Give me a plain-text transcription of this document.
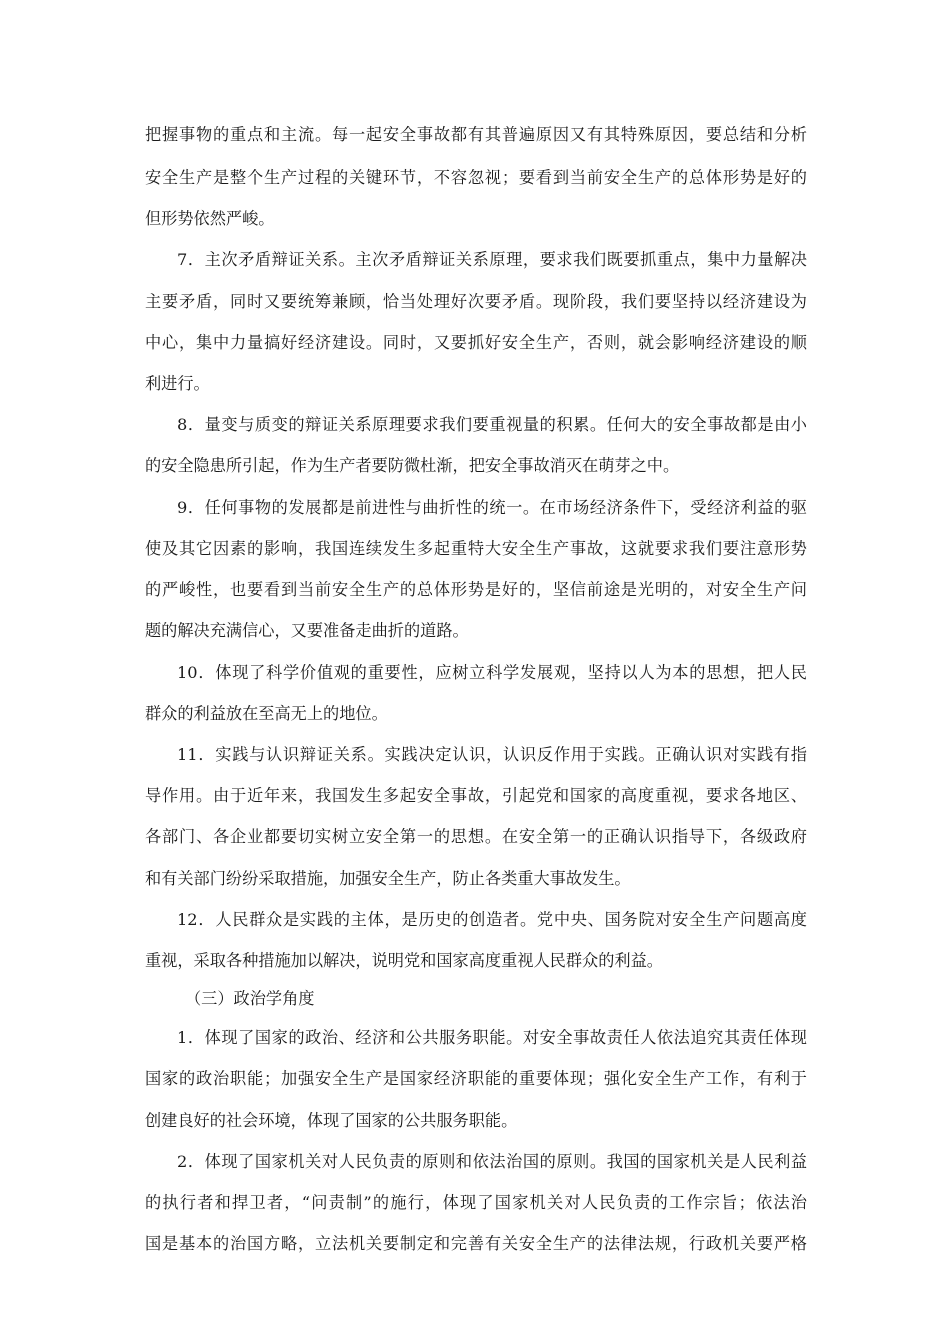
把握事物的重点和主流。每一起安全事故都有其普遍原因又有其特殊原因，要总结和分析

安全生产是整个生产过程的关键环节，不容忽视；要看到当前安全生产的总体形势是好的

但形势依然严峻。

7．主次矛盾辩证关系。主次矛盾辩证关系原理，要求我们既要抓重点，集中力量解决

主要矛盾，同时又要统筹兼顾，恰当处理好次要矛盾。现阶段，我们要坚持以经济建设为

中心，集中力量搞好经济建设。同时，又要抓好安全生产，否则，就会影响经济建设的顺

利进行。

8．量变与质变的辩证关系原理要求我们要重视量的积累。任何大的安全事故都是由小

的安全隐患所引起，作为生产者要防微杜渐，把安全事故消灭在萌芽之中。

9．任何事物的发展都是前进性与曲折性的统一。在市场经济条件下，受经济利益的驱

使及其它因素的影响，我国连续发生多起重特大安全生产事故，这就要求我们要注意形势

的严峻性，也要看到当前安全生产的总体形势是好的，坚信前途是光明的，对安全生产问

题的解决充满信心，又要准备走曲折的道路。

10．体现了科学价值观的重要性，应树立科学发展观，坚持以人为本的思想，把人民

群众的利益放在至高无上的地位。

11．实践与认识辩证关系。实践决定认识，认识反作用于实践。正确认识对实践有指

导作用。由于近年来，我国发生多起安全事故，引起党和国家的高度重视，要求各地区、

各部门、各企业都要切实树立安全第一的思想。在安全第一的正确认识指导下，各级政府

和有关部门纷纷采取措施，加强安全生产，防止各类重大事故发生。

12．人民群众是实践的主体，是历史的创造者。党中央、国务院对安全生产问题高度

重视，采取各种措施加以解决，说明党和国家高度重视人民群众的利益。

（三）政治学角度

1．体现了国家的政治、经济和公共服务职能。对安全事故责任人依法追究其责任体现

国家的政治职能；加强安全生产是国家经济职能的重要体现；强化安全生产工作，有利于

创建良好的社会环境，体现了国家的公共服务职能。

2．体现了国家机关对人民负责的原则和依法治国的原则。我国的国家机关是人民利益

的执行者和捍卫者，“问责制”的施行，体现了国家机关对人民负责的工作宗旨；依法治

国是基本的治国方略，立法机关要制定和完善有关安全生产的法律法规，行政机关要严格
